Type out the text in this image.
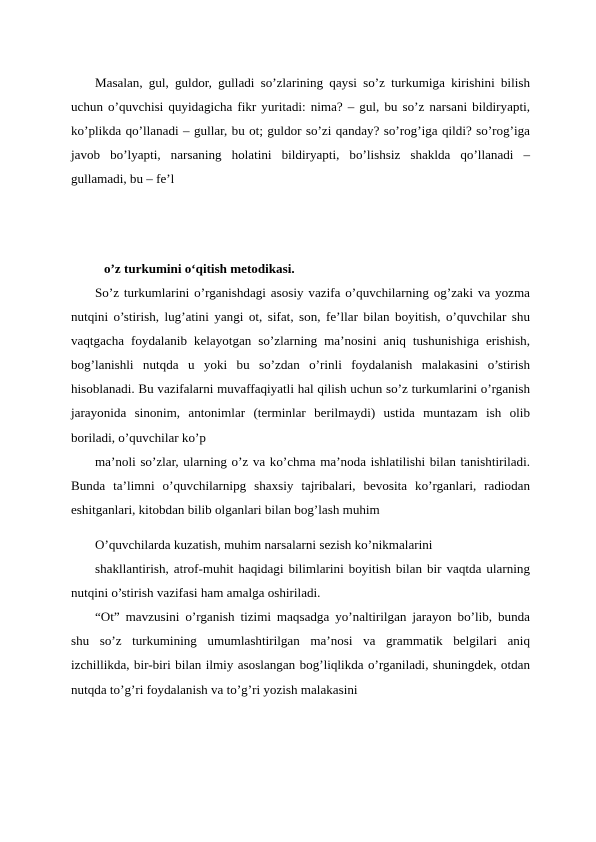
Masalan, gul, guldor, gulladi so’zlarining qaysi so’z turkumiga kirishini bilish uchun o’quvchisi quyidagicha fikr yuritadi: nima? – gul, bu so’z narsani bildiryapti, ko’plikda qo’llanadi – gullar, bu ot; guldor so’zi qanday? so’rog’iga qildi? so’rog’iga javob bo’lyapti, narsaning holatini bildiryapti, bo’lishsiz shaklda qo’llanadi – gullamadi, bu – fe’l

o’z turkumini o‘qitish metodikasi.

So’z turkumlarini o’rganishdagi asosiy vazifa o’quvchilarning og’zaki va yozma nutqini o’stirish, lug’atini yangi ot, sifat, son, fe’llar bilan boyitish, o’quvchilar shu vaqtgacha foydalanib kelayotgan so’zlarning ma’nosini aniq tushunishiga erishish, bog’lanishli nutqda u yoki bu so’zdan o’rinli foydalanish malakasini o’stirish hisoblanadi. Bu vazifalarni muvaffaqiyatli hal qilish uchun so’z turkumlarini o’rganish jarayonida sinonim, antonimlar (terminlar berilmaydi) ustida muntazam ish olib boriladi, o’quvchilar ko’p

ma’noli so’zlar, ularning o’z va ko’chma ma’noda ishlatilishi bilan tanishtiriladi. Bunda ta’limni o’quvchilarnipg shaxsiy tajribalari, bevosita ko’rganlari, radiodan eshitganlari, kitobdan bilib olganlari bilan bog’lash muhim

O’quvchilarda kuzatish, muhim narsalarni sezish ko’nikmalarini

shakllantirish, atrof-muhit haqidagi bilimlarini boyitish bilan bir vaqtda ularning nutqini o’stirish vazifasi ham amalga oshiriladi.

“Ot” mavzusini o’rganish tizimi maqsadga yo’naltirilgan jarayon bo’lib, bunda shu so’z turkumining umumlashtirilgan ma’nosi va grammatik belgilari aniq izchillikda, bir-biri bilan ilmiy asoslangan bog’liqlikda o’rganiladi, shuningdek, otdan nutqda to’g’ri foydalanish va to’g’ri yozish malakasini
